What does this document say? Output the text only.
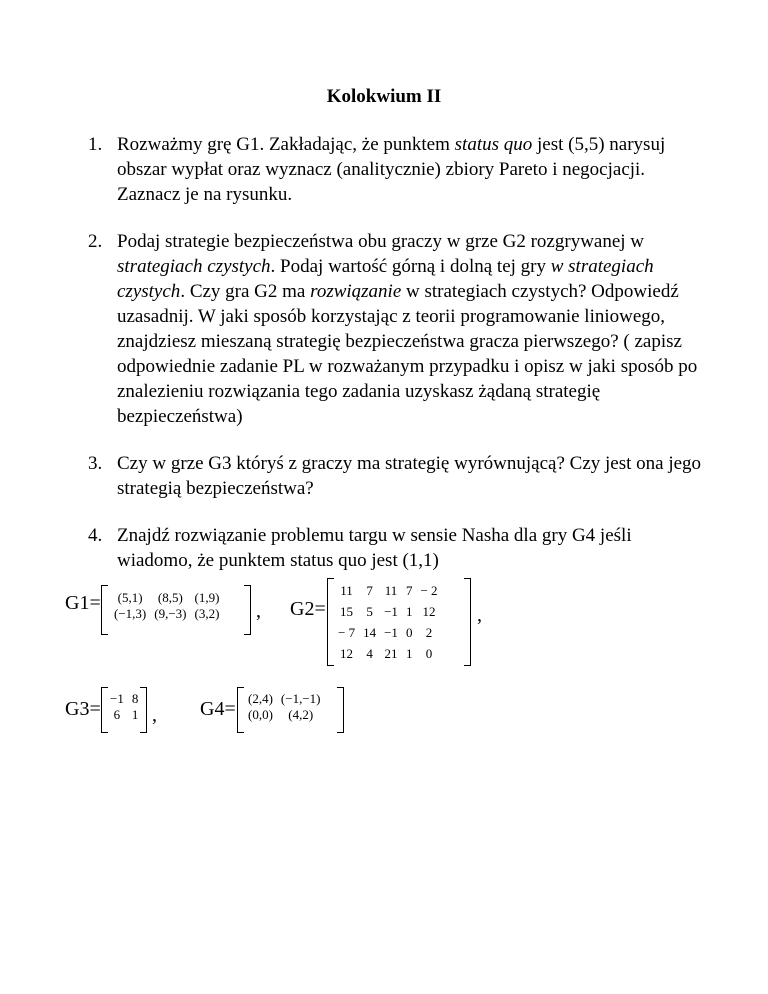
Kolokwium II
1. Rozważmy grę G1. Zakładając, że punktem status quo jest (5,5) narysuj obszar wypłat oraz wyznacz (analitycznie) zbiory Pareto i negocjacji. Zaznacz je na rysunku.
2. Podaj strategie bezpieczeństwa obu graczy w grze G2 rozgrywanej w strategiach czystych. Podaj wartość górną i dolną tej gry w strategiach czystych. Czy gra G2 ma rozwiązanie w strategiach czystych? Odpowiedź uzasadnij. W jaki sposób korzystając z teorii programowanie liniowego, znajdziesz mieszaną strategię bezpieczeństwa gracza pierwszego? ( zapisz odpowiednie zadanie PL w rozważanym przypadku i opisz w jaki sposób po znalezieniu rozwiązania tego zadania uzyskasz żądaną strategię bezpieczeństwa)
3. Czy w grze G3 któryś z graczy ma strategię wyrównującą? Czy jest ona jego strategią bezpieczeństwa?
4. Znajdź rozwiązanie problemu targu w sensie Nasha dla gry G4 jeśli wiadomo, że punktem status quo jest (1,1)
G1= (5,1)	(8,5)	(1,9)
(−1,3)	(9,−3)	(3,2) , G2=
11	7	11	7	− 2
15	5	−1	1	12
− 7	14	−1	0	2
12	4	21	1	0
,
G3= −1	8
6	1 , G4= (2,4)	(−1,−1)
(0,0)	(4,2)
